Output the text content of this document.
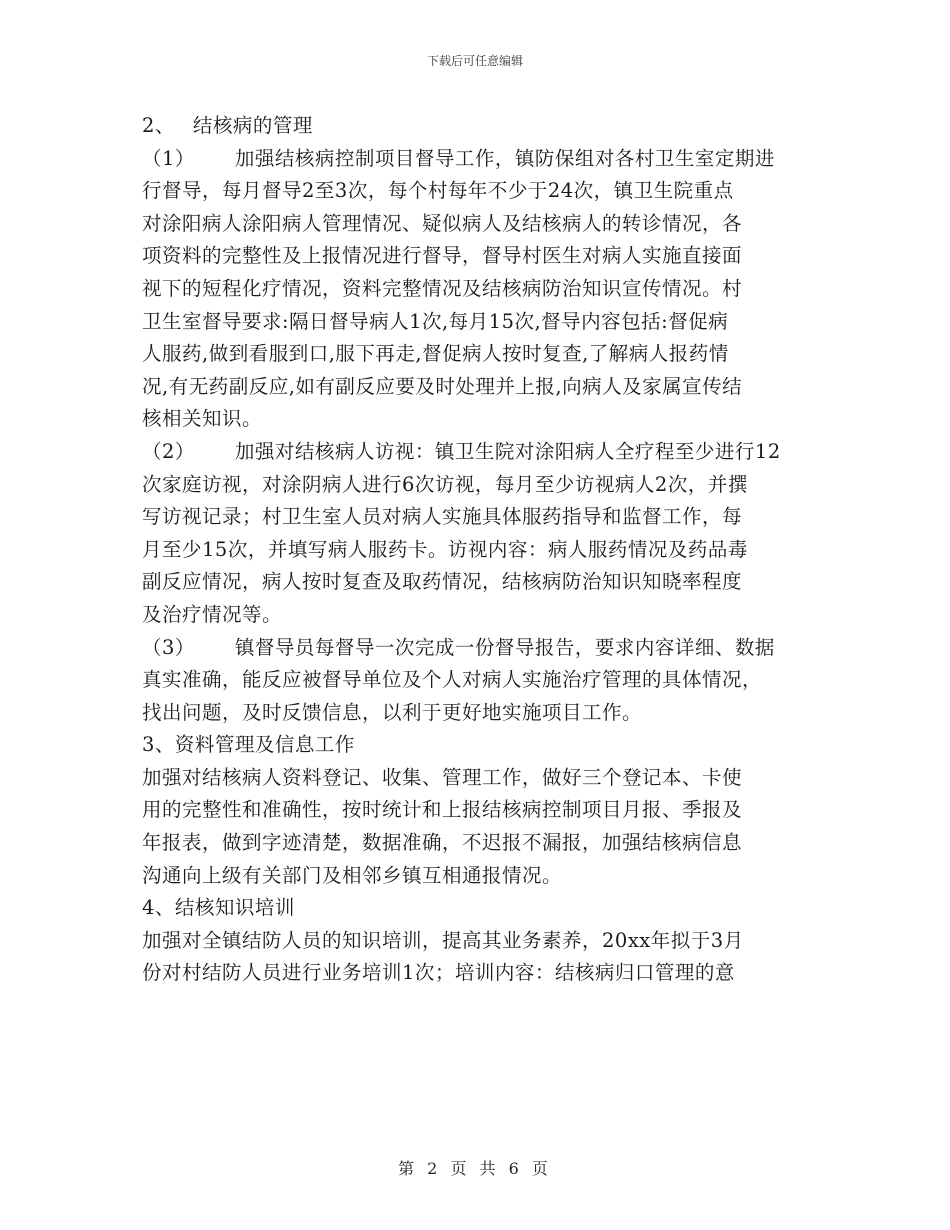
下载后可任意编辑
2、 结核病的管理
（1） 加强结核病控制项目督导工作，镇防保组对各村卫生室定期进
行督导，每月督导2至3次，每个村每年不少于24次，镇卫生院重点
对涂阳病人涂阳病人管理情况、疑似病人及结核病人的转诊情况，各
项资料的完整性及上报情况进行督导，督导村医生对病人实施直接面
视下的短程化疗情况，资料完整情况及结核病防治知识宣传情况。村
卫生室督导要求:隔日督导病人1次,每月15次,督导内容包括:督促病
人服药,做到看服到口,服下再走,督促病人按时复查,了解病人报药情
况,有无药副反应,如有副反应要及时处理并上报,向病人及家属宣传结
核相关知识。
（2） 加强对结核病人访视：镇卫生院对涂阳病人全疗程至少进行12
次家庭访视，对涂阴病人进行6次访视，每月至少访视病人2次，并撰
写访视记录；村卫生室人员对病人实施具体服药指导和监督工作，每
月至少15次，并填写病人服药卡。访视内容：病人服药情况及药品毒
副反应情况，病人按时复查及取药情况，结核病防治知识知晓率程度
及治疗情况等。
（3） 镇督导员每督导一次完成一份督导报告，要求内容详细、数据
真实准确，能反应被督导单位及个人对病人实施治疗管理的具体情况，
找出问题，及时反馈信息，以利于更好地实施项目工作。
3、资料管理及信息工作
加强对结核病人资料登记、收集、管理工作，做好三个登记本、卡使
用的完整性和准确性，按时统计和上报结核病控制项目月报、季报及
年报表，做到字迹清楚，数据准确，不迟报不漏报，加强结核病信息
沟通向上级有关部门及相邻乡镇互相通报情况。
4、结核知识培训
加强对全镇结防人员的知识培训，提高其业务素养，20xx年拟于3月
份对村结防人员进行业务培训1次；培训内容：结核病归口管理的意
第 2 页 共 6 页
